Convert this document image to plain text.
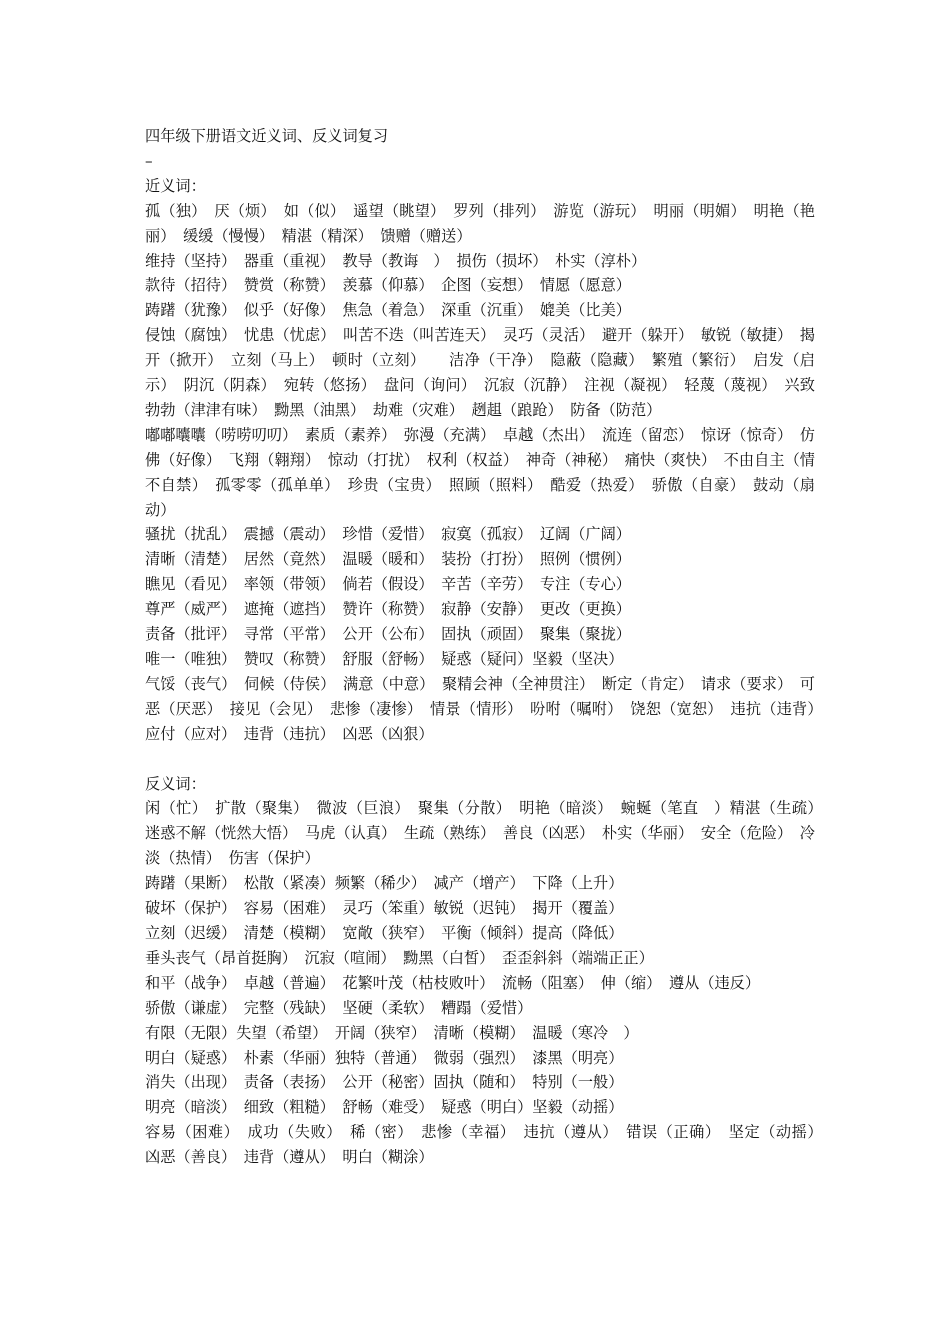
四年级下册语文近义词、反义词复习

–

近义词：

孤（独）　厌（烦）　如（似）　遥望（眺望）　罗列（排列）　游览（游玩）　明丽（明媚）　明艳（艳丽）　缓缓（慢慢）　精湛（精深）　馈赠（赠送）

维持（坚持）　器重（重视）　教导（教诲　）　损伤（损坏）　朴实（淳朴）

款待（招待）　赞赏（称赞）　羡慕（仰慕）　企图（妄想）　情愿（愿意）

踌躇（犹豫）　似乎（好像）　焦急（着急）　深重（沉重）　媲美（比美）

侵蚀（腐蚀）　忧患（忧虑）　叫苦不迭（叫苦连天）　灵巧（灵活）　避开（躲开）　敏锐（敏捷）　揭开（掀开）　立刻（马上）　顿时（立刻）　　洁净（干净）　隐蔽（隐藏）　繁殖（繁衍）　启发（启示）　阴沉（阴森）　宛转（悠扬）　盘问（询问）　沉寂（沉静）　注视（凝视）　轻蔑（蔑视）　兴致勃勃（津津有味）　黝黑（油黑）　劫难（灾难）　趔趄（踉跄）　防备（防范）

嘟嘟囔囔（唠唠叨叨）　素质（素养）　弥漫（充满）　卓越（杰出）　流连（留恋）　惊讶（惊奇）　仿佛（好像）　飞翔（翱翔）　惊动（打扰）　权利（权益）　神奇（神秘）　痛快（爽快）　不由自主（情不自禁）　孤零零（孤单单）　珍贵（宝贵）　照顾（照料）　酷爱（热爱）　骄傲（自豪）　鼓动（扇动）

骚扰（扰乱）　震撼（震动）　珍惜（爱惜）　寂寞（孤寂）　辽阔（广阔）

清晰（清楚）　居然（竟然）　温暖（暖和）　装扮（打扮）　照例（惯例）

瞧见（看见）　率领（带领）　倘若（假设）　辛苦（辛劳）　专注（专心）

尊严（威严）　遮掩（遮挡）　赞许（称赞）　寂静（安静）　更改（更换）

责备（批评）　寻常（平常）　公开（公布）　固执（顽固）　聚集（聚拢）

唯一（唯独）　赞叹（称赞）　舒服（舒畅）　疑惑（疑问）坚毅（坚决）

气馁（丧气）　伺候（侍侯）　满意（中意）　聚精会神（全神贯注）　断定（肯定）　请求（要求）　可恶（厌恶）　接见（会见）　悲惨（凄惨）　情景（情形）　吩咐（嘱咐）　饶恕（宽恕）　违抗（违背）　应付（应对）　违背（违抗）　凶恶（凶狠）

反义词：

闲（忙）　扩散（聚集）　微波（巨浪）　聚集（分散）　明艳（暗淡）　蜿蜒（笔直　）精湛（生疏）　迷惑不解（恍然大悟）　马虎（认真）　生疏（熟练）　善良（凶恶）　朴实（华丽）　安全（危险）　冷淡（热情）　伤害（保护）

踌躇（果断）　松散（紧凑）频繁（稀少）　减产（增产）　下降（上升）

破坏（保护）　容易（困难）　灵巧（笨重）敏锐（迟钝）　揭开（覆盖）

立刻（迟缓）　清楚（模糊）　宽敞（狭窄）　平衡（倾斜）提高（降低）

垂头丧气（昂首挺胸）　沉寂（喧闹）　黝黑（白皙）　歪歪斜斜（端端正正）

和平（战争）　卓越（普遍）　花繁叶茂（枯枝败叶）　流畅（阻塞）　伸（缩）　遵从（违反）

骄傲（谦虚）　完整（残缺）　坚硬（柔软）　糟蹋（爱惜）

有限（无限）失望（希望）　开阔（狭窄）　清晰（模糊）　温暖（寒冷　）

明白（疑惑）　朴素（华丽）独特（普通）　微弱（强烈）　漆黑（明亮）

消失（出现）　责备（表扬）　公开（秘密）固执（随和）　特别（一般）

明亮（暗淡）　细致（粗糙）　舒畅（难受）　疑惑（明白）坚毅（动摇）

容易（困难）　成功（失败）　稀（密）　悲惨（幸福）　违抗（遵从）　错误（正确）　坚定（动摇）　凶恶（善良）　违背（遵从）　明白（糊涂）
